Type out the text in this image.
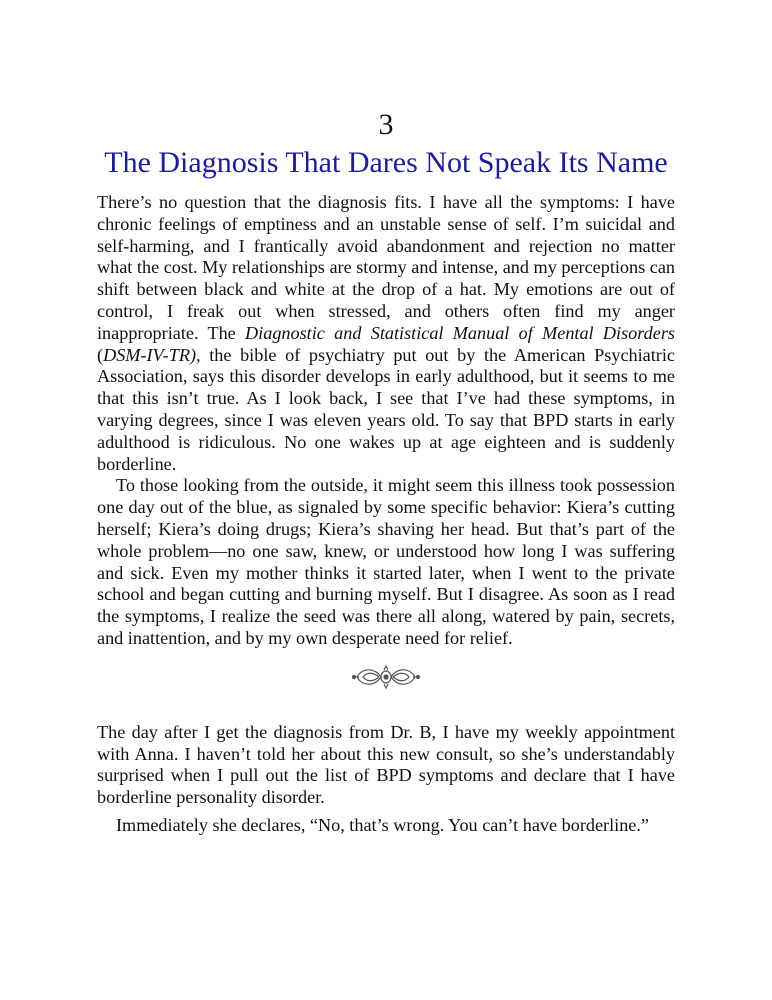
3
The Diagnosis That Dares Not Speak Its Name

There’s no question that the diagnosis fits. I have all the symptoms: I have chronic feelings of emptiness and an unstable sense of self. I’m suicidal and self-harming, and I frantically avoid abandonment and rejection no matter what the cost. My relationships are stormy and intense, and my perceptions can shift between black and white at the drop of a hat. My emotions are out of control, I freak out when stressed, and others often find my anger inappropriate. The Diagnostic and Statistical Manual of Mental Disorders (DSM-IV-TR), the bible of psychiatry put out by the American Psychiatric Association, says this disorder develops in early adulthood, but it seems to me that this isn’t true. As I look back, I see that I’ve had these symptoms, in varying degrees, since I was eleven years old. To say that BPD starts in early adulthood is ridiculous. No one wakes up at age eighteen and is suddenly borderline.

To those looking from the outside, it might seem this illness took possession one day out of the blue, as signaled by some specific behavior: Kiera’s cutting herself; Kiera’s doing drugs; Kiera’s shaving her head. But that’s part of the whole problem—no one saw, knew, or understood how long I was suffering and sick. Even my mother thinks it started later, when I went to the private school and began cutting and burning myself. But I disagree. As soon as I read the symptoms, I realize the seed was there all along, watered by pain, secrets, and inattention, and by my own desperate need for relief.

The day after I get the diagnosis from Dr. B, I have my weekly appointment with Anna. I haven’t told her about this new consult, so she’s understandably surprised when I pull out the list of BPD symptoms and declare that I have borderline personality disorder.

Immediately she declares, “No, that’s wrong. You can’t have borderline.”
